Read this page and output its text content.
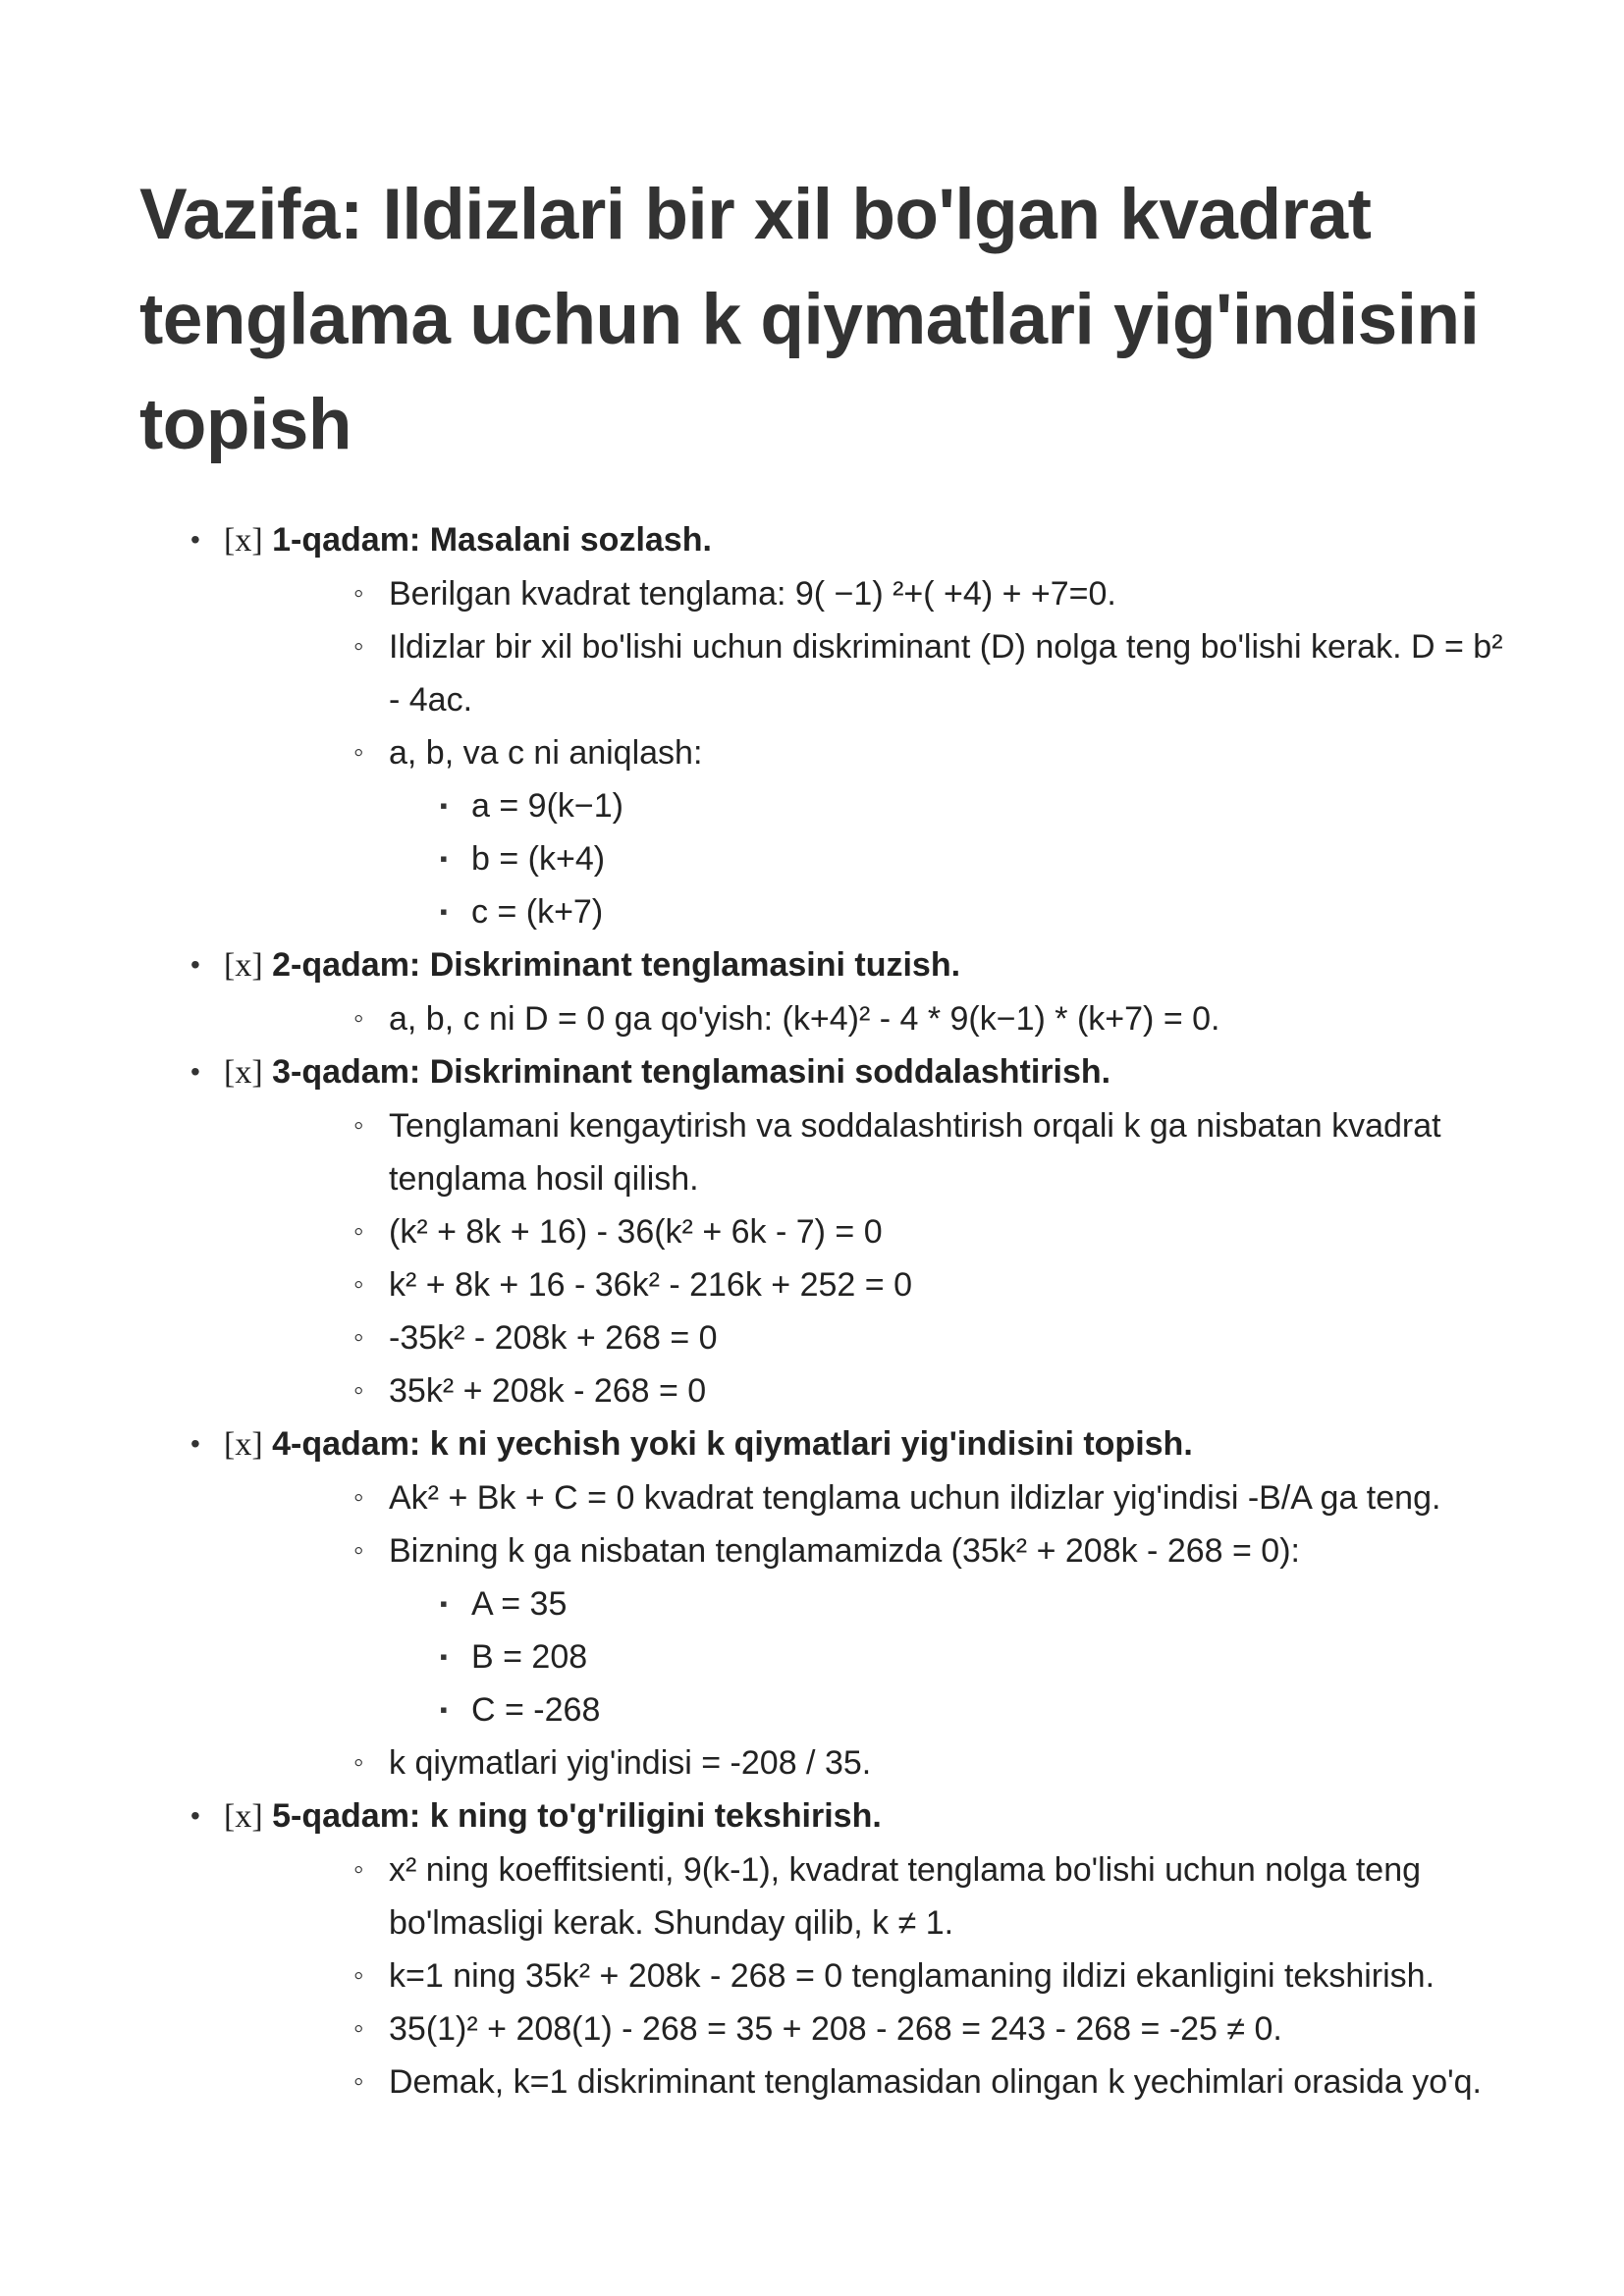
Vazifa: Ildizlari bir xil bo'lgan kvadrat tenglama uchun k qiymatlari yig'indisini topish
• [x] 1-qadam: Masalani sozlash.
◦ Berilgan kvadrat tenglama: 9( −1) ²+( +4) + +7=0.
◦ Ildizlar bir xil bo'lishi uchun diskriminant (D) nolga teng bo'lishi kerak. D = b² - 4ac.
◦ a, b, va c ni aniqlash:
▪ a = 9(k−1)
▪ b = (k+4)
▪ c = (k+7)
• [x] 2-qadam: Diskriminant tenglamasini tuzish.
◦ a, b, c ni D = 0 ga qo'yish: (k+4)² - 4 * 9(k−1) * (k+7) = 0.
• [x] 3-qadam: Diskriminant tenglamasini soddalashtirish.
◦ Tenglamani kengaytirish va soddalashtirish orqali k ga nisbatan kvadrat tenglama hosil qilish.
◦ (k² + 8k + 16) - 36(k² + 6k - 7) = 0
◦ k² + 8k + 16 - 36k² - 216k + 252 = 0
◦ -35k² - 208k + 268 = 0
◦ 35k² + 208k - 268 = 0
• [x] 4-qadam: k ni yechish yoki k qiymatlari yig'indisini topish.
◦ Ak² + Bk + C = 0 kvadrat tenglama uchun ildizlar yig'indisi -B/A ga teng.
◦ Bizning k ga nisbatan tenglamamizda (35k² + 208k - 268 = 0):
▪ A = 35
▪ B = 208
▪ C = -268
◦ k qiymatlari yig'indisi = -208 / 35.
• [x] 5-qadam: k ning to'g'riligini tekshirish.
◦ x² ning koeffitsienti, 9(k-1), kvadrat tenglama bo'lishi uchun nolga teng bo'lmasligi kerak. Shunday qilib, k ≠ 1.
◦ k=1 ning 35k² + 208k - 268 = 0 tenglamaning ildizi ekanligini tekshirish.
◦ 35(1)² + 208(1) - 268 = 35 + 208 - 268 = 243 - 268 = -25 ≠ 0.
◦ Demak, k=1 diskriminant tenglamasidan olingan k yechimlari orasida yo'q.
